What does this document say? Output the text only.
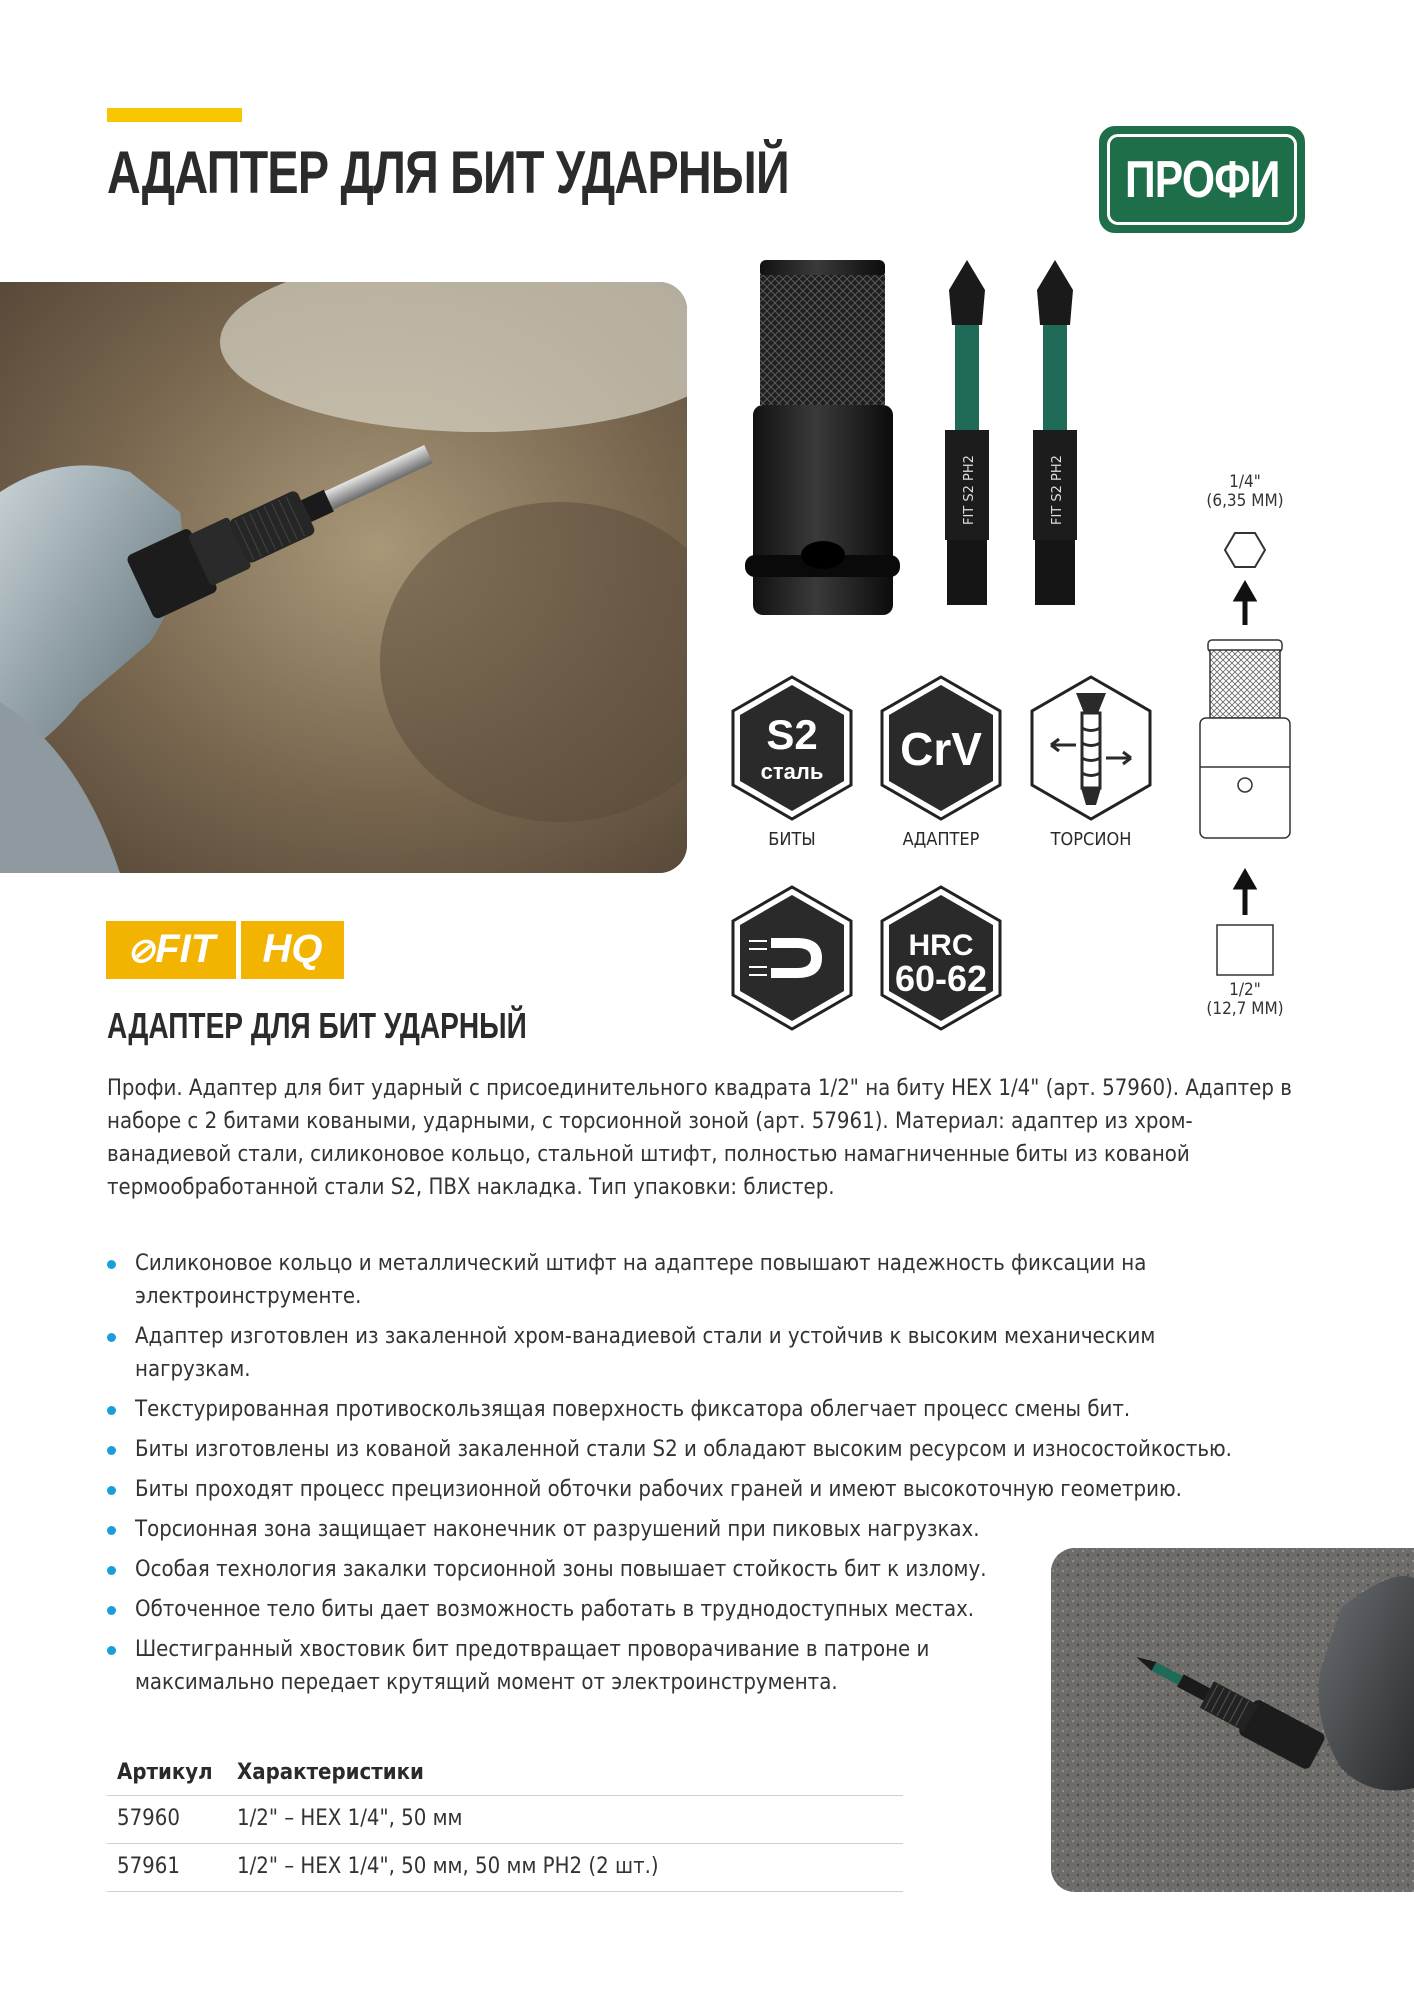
АДАПТЕР ДЛЯ БИТ УДАРНЫЙ	ПРОФИ
FIT S2 PH2	FIT S2 PH2
S2
сталь
БИТЫ
CrV
АДАПТЕР	ТОРСИОН
HRC
60-62
1/4"
(6,35 ММ)
1/2"
(12,7 ММ)
⊘FIT	HQ
АДАПТЕР ДЛЯ БИТ УДАРНЫЙ
Профи. Адаптер для бит ударный с присоединительного квадрата 1/2" на биту HEX 1/4" (арт. 57960). Адаптер в наборе с 2 битами коваными, ударными, с торсионной зоной (арт. 57961). Материал: адаптер из хром-ванадиевой стали, силиконовое кольцо, стальной штифт, полностью намагниченные биты из кованой термообработанной стали S2, ПВХ накладка. Тип упаковки: блистер.
Силиконовое кольцо и металлический штифт на адаптере повышают надежность фиксации на электроинструменте.
Адаптер изготовлен из закаленной хром-ванадиевой стали и устойчив к высоким механическим нагрузкам.
Текстурированная противоскользящая поверхность фиксатора облегчает процесс смены бит.
Биты изготовлены из кованой закаленной стали S2 и обладают высоким ресурсом и износостойкостью.
Биты проходят процесс прецизионной обточки рабочих граней и имеют высокоточную геометрию.
Торсионная зона защищает наконечник от разрушений при пиковых нагрузках.
Особая технология закалки торсионной зоны повышает стойкость бит к излому.
Обточенное тело биты дает возможность работать в труднодоступных местах.
Шестигранный хвостовик бит предотвращает проворачивание в патроне и максимально передает крутящий момент от электроинструмента.
Артикул	Характеристики
57960	1/2" – HEX 1/4", 50 мм
57961	1/2" – HEX 1/4", 50 мм, 50 мм PH2 (2 шт.)
